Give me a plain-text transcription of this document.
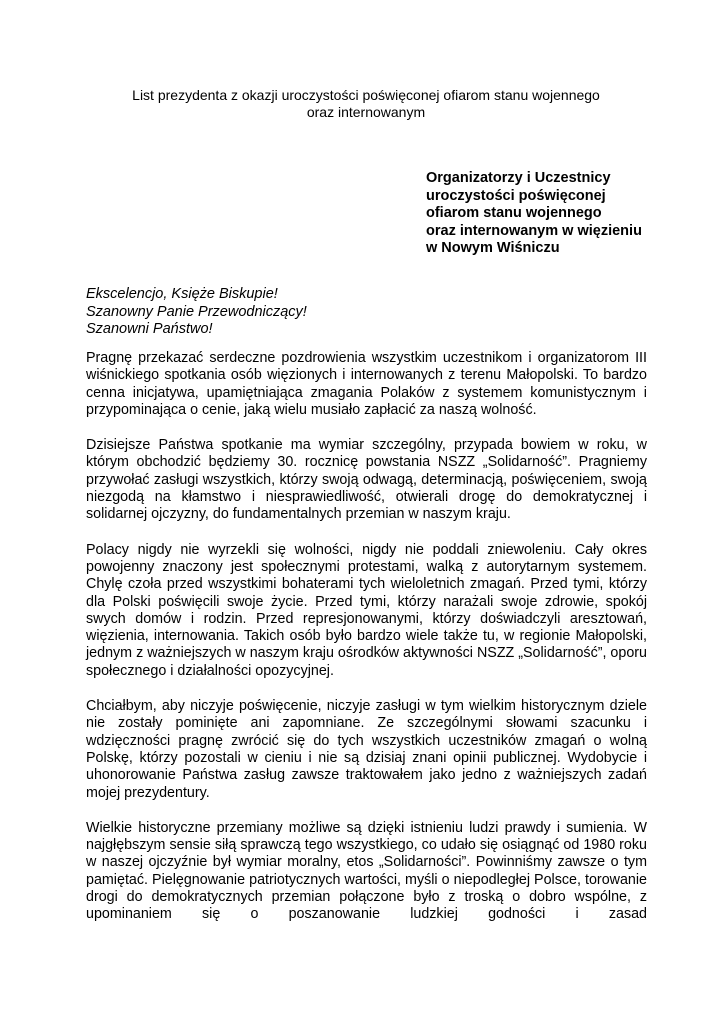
List prezydenta z okazji uroczystości poświęconej ofiarom stanu wojennego
oraz internowanym
Organizatorzy i Uczestnicy
uroczystości poświęconej
ofiarom stanu wojennego
oraz internowanym w więzieniu
w Nowym Wiśniczu
Ekscelencjo, Księże Biskupie!
Szanowny Panie Przewodniczący!
Szanowni Państwo!

Pragnę przekazać serdeczne pozdrowienia wszystkim uczestnikom i organizatorom III wiśnickiego spotkania osób więzionych i internowanych z terenu Małopolski. To bardzo cenna inicjatywa, upamiętniająca zmagania Polaków z systemem komunistycznym i przypominająca o cenie, jaką wielu musiało zapłacić za naszą wolność.

Dzisiejsze Państwa spotkanie ma wymiar szczególny, przypada bowiem w roku, w którym obchodzić będziemy 30. rocznicę powstania NSZZ „Solidarność”. Pragniemy przywołać zasługi wszystkich, którzy swoją odwagą, determinacją, poświęceniem, swoją niezgodą na kłamstwo i niesprawiedliwość, otwierali drogę do demokratycznej i solidarnej ojczyzny, do fundamentalnych przemian w naszym kraju.

Polacy nigdy nie wyrzekli się wolności, nigdy nie poddali zniewoleniu. Cały okres powojenny znaczony jest społecznymi protestami, walką z autorytarnym systemem. Chylę czoła przed wszystkimi bohaterami tych wieloletnich zmagań. Przed tymi, którzy dla Polski poświęcili swoje życie. Przed tymi, którzy narażali swoje zdrowie, spokój swych domów i rodzin. Przed represjonowanymi, którzy doświadczyli aresztowań, więzienia, internowania. Takich osób było bardzo wiele także tu, w regionie Małopolski, jednym z ważniejszych w naszym kraju ośrodków aktywności NSZZ „Solidarność”, oporu społecznego i działalności opozycyjnej.

Chciałbym, aby niczyje poświęcenie, niczyje zasługi w tym wielkim historycznym dziele nie zostały pominięte ani zapomniane. Ze szczególnymi słowami szacunku i wdzięczności pragnę zwrócić się do tych wszystkich uczestników zmagań o wolną Polskę, którzy pozostali w cieniu i nie są dzisiaj znani opinii publicznej. Wydobycie i uhonorowanie Państwa zasług zawsze traktowałem jako jedno z ważniejszych zadań mojej prezydentury.

Wielkie historyczne przemiany możliwe są dzięki istnieniu ludzi prawdy i sumienia. W najgłębszym sensie siłą sprawczą tego wszystkiego, co udało się osiągnąć od 1980 roku w naszej ojczyźnie był wymiar moralny, etos „Solidarności”. Powinniśmy zawsze o tym pamiętać. Pielęgnowanie patriotycznych wartości, myśli o niepodległej Polsce, torowanie drogi do demokratycznych przemian połączone było z troską o dobro wspólne, z upominaniem się o poszanowanie ludzkiej godności i zasad
